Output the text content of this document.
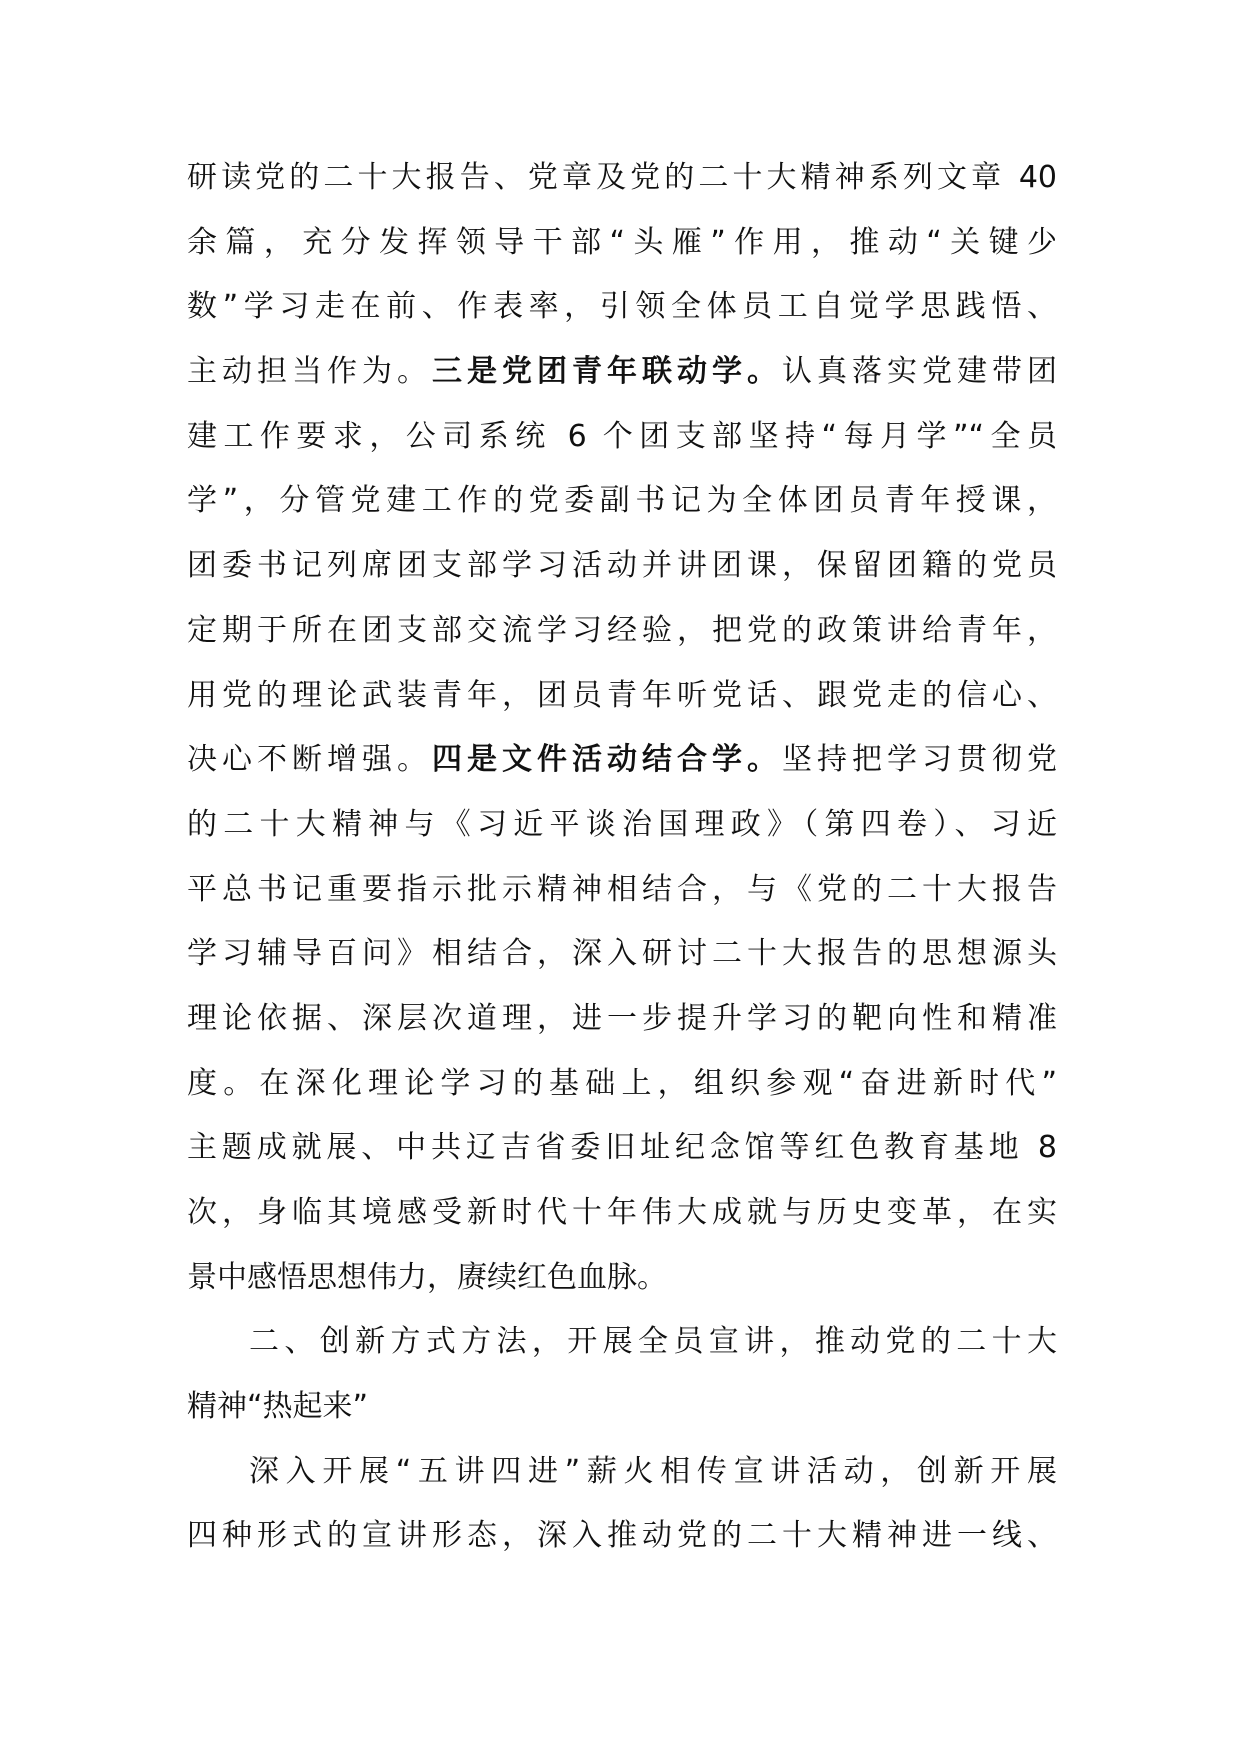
研读党的二十大报告、党章及党的二十大精神系列文章 40
余篇，充分发挥领导干部“头雁”作用，推动“关键少
数”学习走在前、作表率，引领全体员工自觉学思践悟、
主动担当作为。三是党团青年联动学。认真落实党建带团
建工作要求，公司系统 6 个团支部坚持“每月学”“全员
学”，分管党建工作的党委副书记为全体团员青年授课，
团委书记列席团支部学习活动并讲团课，保留团籍的党员
定期于所在团支部交流学习经验，把党的政策讲给青年，
用党的理论武装青年，团员青年听党话、跟党走的信心、
决心不断增强。四是文件活动结合学。坚持把学习贯彻党
的二十大精神与《习近平谈治国理政》（第四卷）、习近
平总书记重要指示批示精神相结合，与《党的二十大报告
学习辅导百问》相结合，深入研讨二十大报告的思想源头
理论依据、深层次道理，进一步提升学习的靶向性和精准
度。在深化理论学习的基础上，组织参观“奋进新时代”
主题成就展、中共辽吉省委旧址纪念馆等红色教育基地 8
次，身临其境感受新时代十年伟大成就与历史变革，在实
景中感悟思想伟力，赓续红色血脉。
二、创新方式方法，开展全员宣讲，推动党的二十大
精神“热起来”
深入开展“五讲四进”薪火相传宣讲活动，创新开展
四种形式的宣讲形态，深入推动党的二十大精神进一线、
